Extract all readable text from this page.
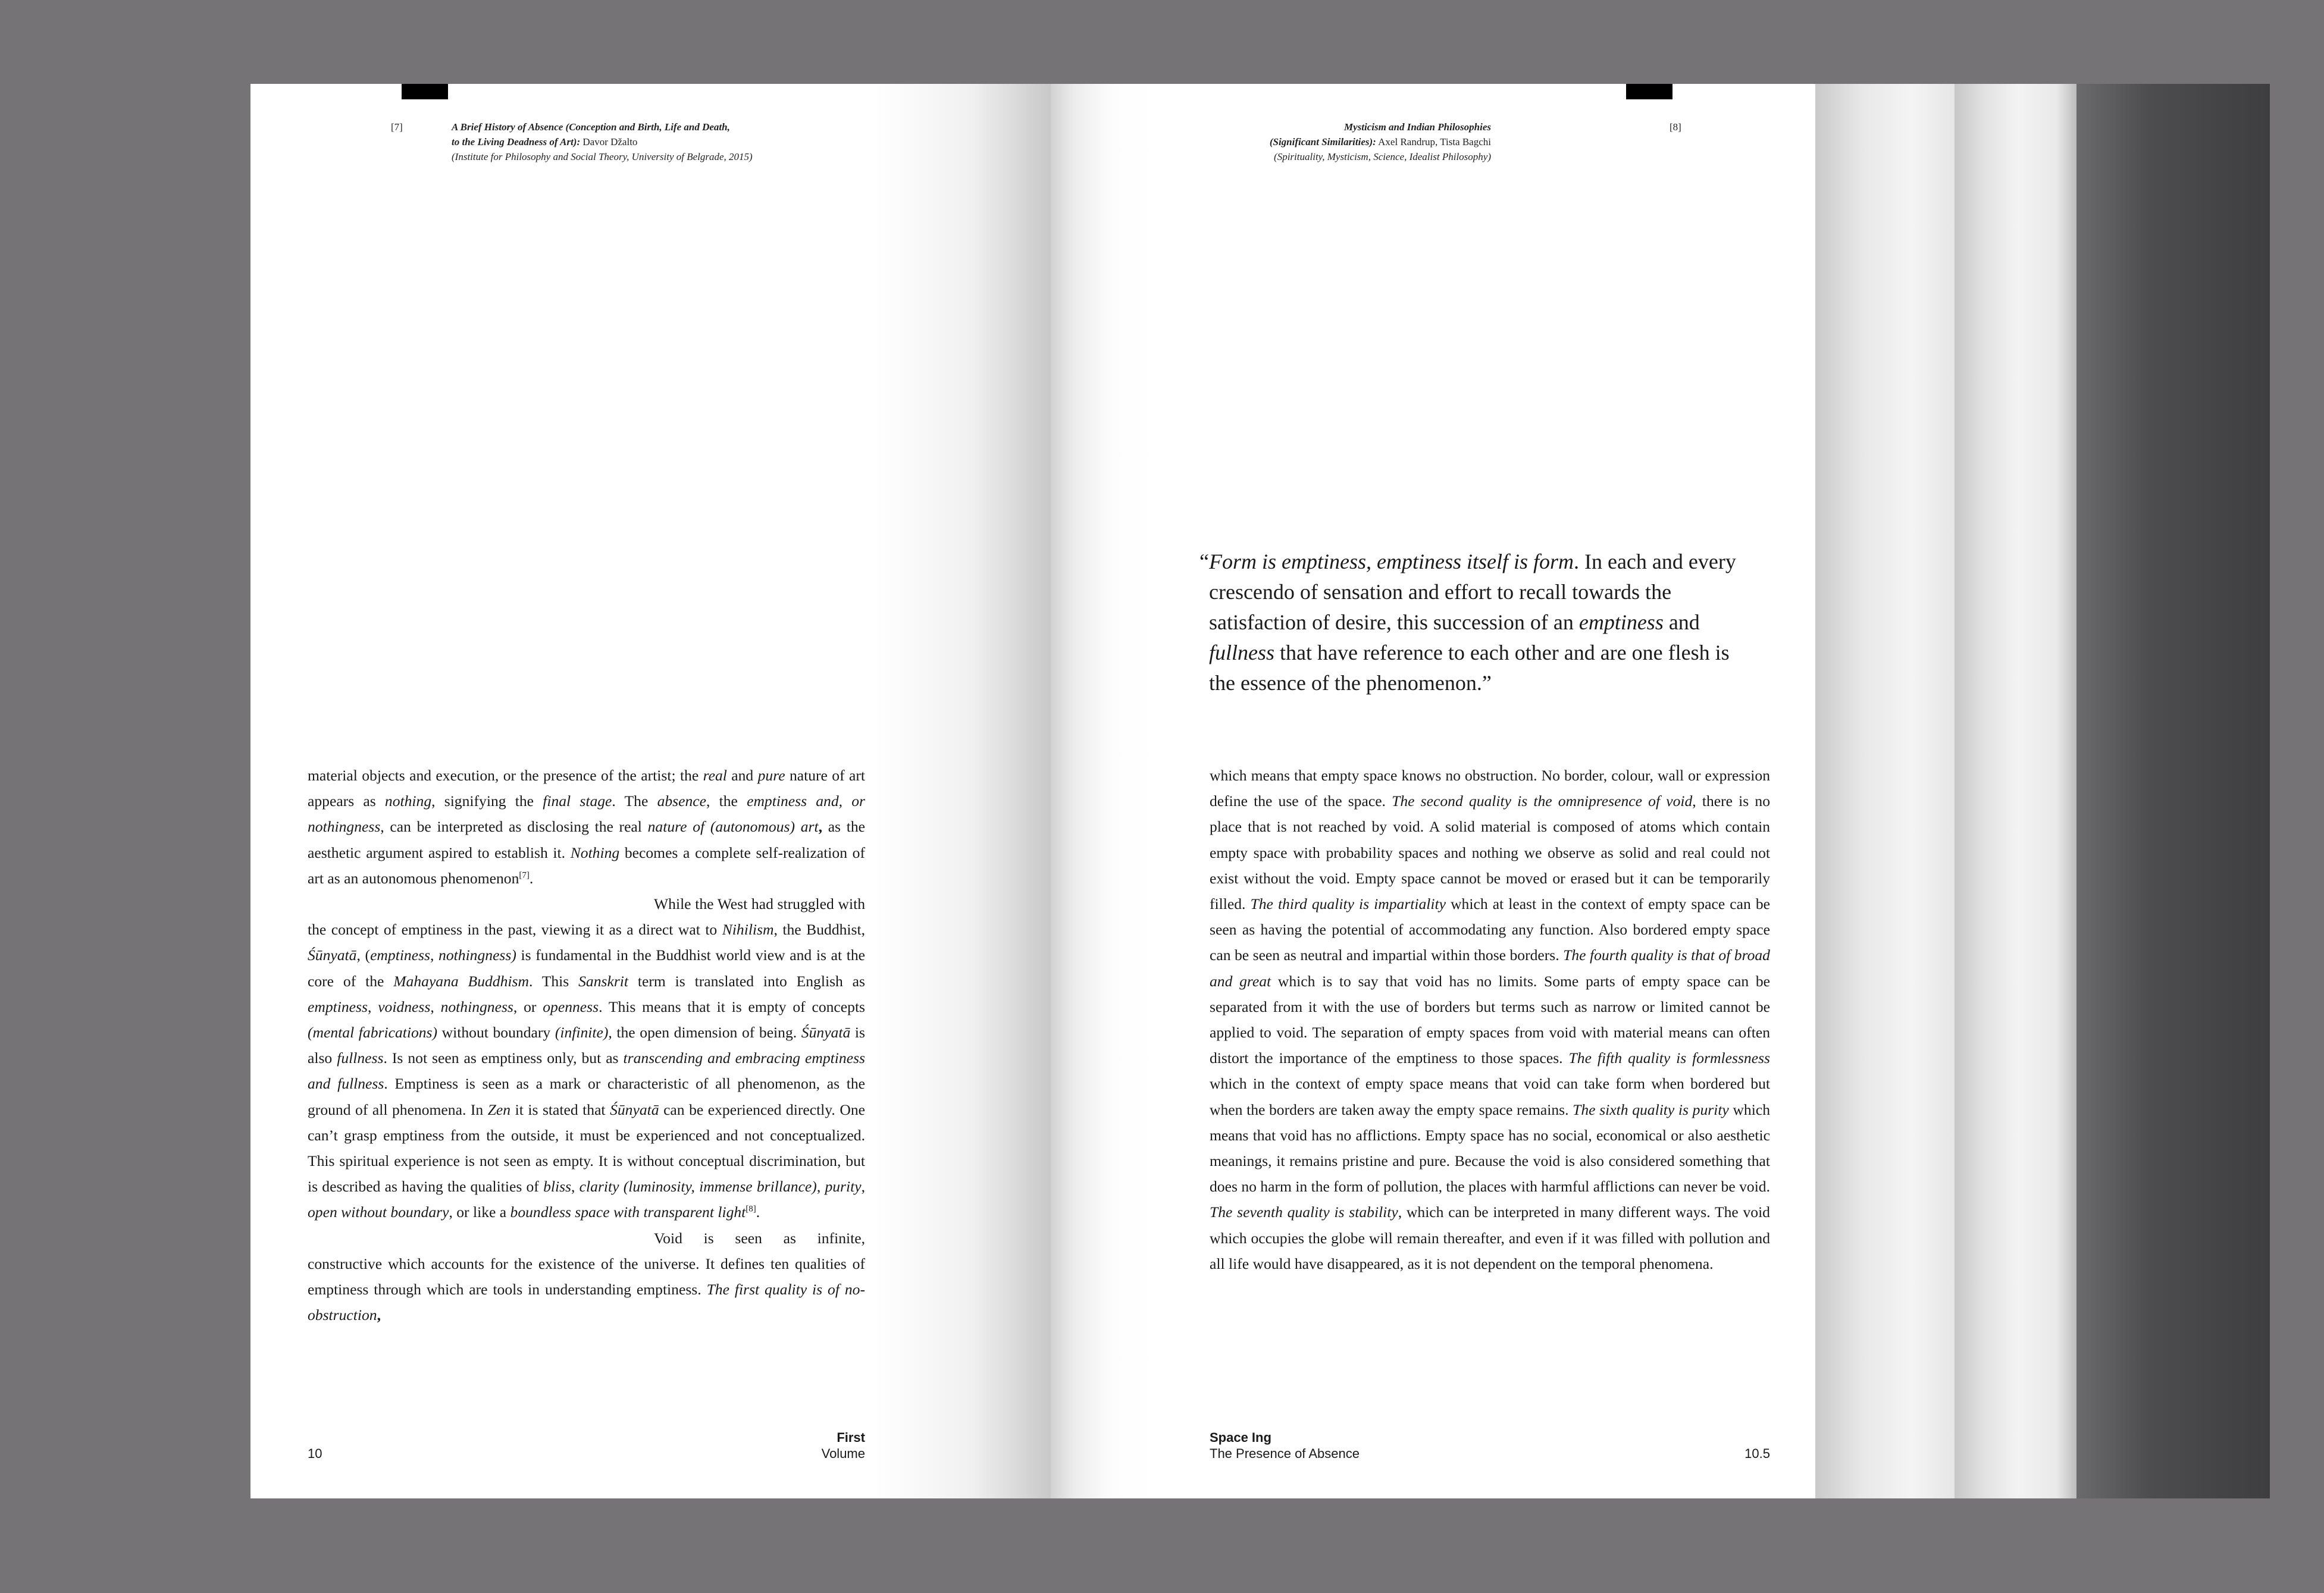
[7]	A Brief History of Absence (Conception and Birth, Life and Death,
to the Living Deadness of Art): Davor Džalto
(Institute for Philosophy and Social Theory, University of Belgrade, 2015)

material objects and execution, or the presence of the artist; the real and pure nature of art appears as nothing, signifying the final stage. The absence, the emptiness and, or nothingness, can be interpreted as disclosing the real nature of (autonomous) art, as the aesthetic argument aspired to establish it. Nothing becomes a complete self-realization of art as an autonomous phenomenon[7].

While the West had struggled with the concept of emptiness in the past, viewing it as a direct wat to Nihilism, the Buddhist, Śūnyatā, (emptiness, nothingness) is fundamental in the Buddhist world view and is at the core of the Mahayana Buddhism. This Sanskrit term is translated into English as emptiness, voidness, nothingness, or openness. This means that it is empty of concepts (mental fabrications) without boundary (infinite), the open dimension of being. Śūnyatā is also fullness. Is not seen as emptiness only, but as transcending and embracing emptiness and fullness. Emptiness is seen as a mark or characteristic of all phenomenon, as the ground of all phenomena. In Zen it is stated that Śūnyatā can be experienced directly. One can’t grasp emptiness from the outside, it must be experienced and not conceptualized. This spiritual experience is not seen as empty. It is without conceptual discrimination, but is described as having the qualities of bliss, clarity (luminosity, immense brillance), purity, open without boundary, or like a boundless space with transparent light[8].

Void is seen as infinite, constructive which accounts for the existence of the universe. It defines ten qualities of emptiness through which are tools in understanding emptiness. The first quality is of no-obstruction,

10
First
Volume
Mysticism and Indian Philosophies
(Significant Similarities): Axel Randrup, Tista Bagchi
(Spirituality, Mysticism, Science, Idealist Philosophy)
[8]
“ Form is emptiness, emptiness itself is form. In each and every crescendo of sensation and effort to recall towards the satisfaction of desire, this succession of an emptiness and fullness that have reference to each other and are one flesh is the essence of the phenomenon.”

which means that empty space knows no obstruction. No border, colour, wall or expression define the use of the space. The second quality is the omnipresence of void, there is no place that is not reached by void. A solid material is composed of atoms which contain empty space with probability spaces and nothing we observe as solid and real could not exist without the void. Empty space cannot be moved or erased but it can be temporarily filled. The third quality is impartiality which at least in the context of empty space can be seen as having the potential of accommodating any function. Also bordered empty space can be seen as neutral and impartial within those borders. The fourth quality is that of broad and great which is to say that void has no limits. Some parts of empty space can be separated from it with the use of borders but terms such as narrow or limited cannot be applied to void. The separation of empty spaces from void with material means can often distort the importance of the emptiness to those spaces. The fifth quality is formlessness which in the context of empty space means that void can take form when bordered but when the borders are taken away the empty space remains. The sixth quality is purity which means that void has no afflictions. Empty space has no social, economical or also aesthetic meanings, it remains pristine and pure. Because the void is also considered something that does no harm in the form of pollution, the places with harmful afflictions can never be void. The seventh quality is stability, which can be interpreted in many different ways. The void which occupies the globe will remain thereafter, and even if it was filled with pollution and all life would have disappeared, as it is not dependent on the temporal phenomena.

Space Ing
The Presence of Absence	10.5
